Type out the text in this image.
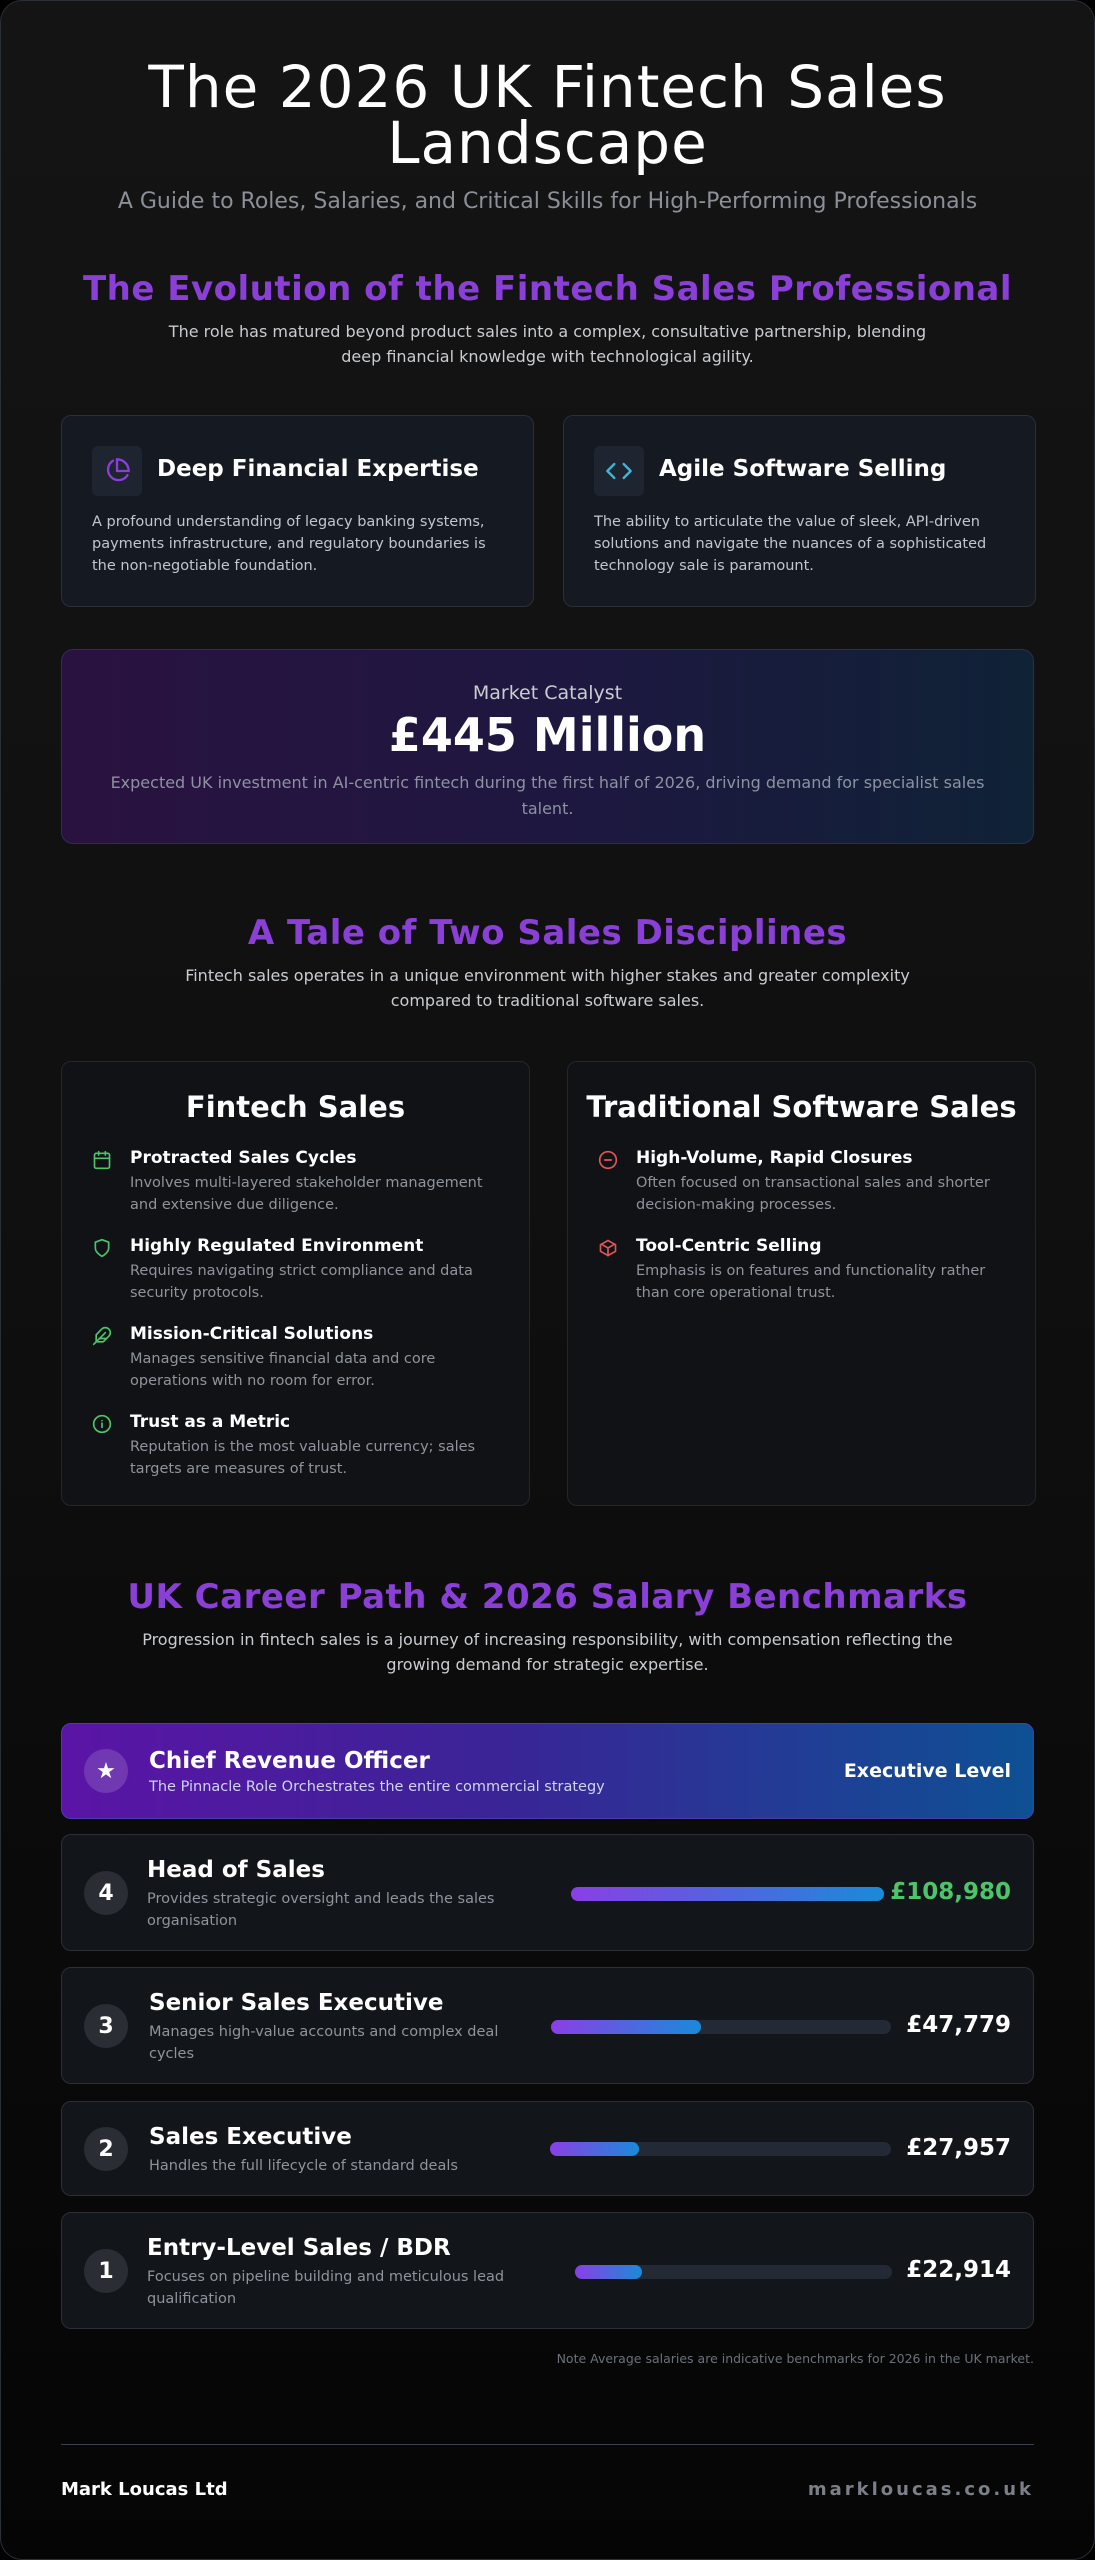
The 2026 UK Fintech Sales Landscape
A Guide to Roles, Salaries, and Critical Skills for High-Performing Professionals
The Evolution of the Fintech Sales Professional
The role has matured beyond product sales into a complex, consultative partnership, blending deep financial knowledge with technological agility.
Deep Financial Expertise

A profound understanding of legacy banking systems, payments infrastructure, and regulatory boundaries is the non-negotiable foundation.

Agile Software Selling

The ability to articulate the value of sleek, API-driven solutions and navigate the nuances of a sophisticated technology sale is paramount.

Market Catalyst
£445 Million
Expected UK investment in AI-centric fintech during the first half of 2026, driving demand for specialist sales talent.
A Tale of Two Sales Disciplines
Fintech sales operates in a unique environment with higher stakes and greater complexity compared to traditional software sales.
Fintech Sales
Protracted Sales Cycles
Involves multi-layered stakeholder management and extensive due diligence.
Highly Regulated Environment
Requires navigating strict compliance and data security protocols.
Mission-Critical Solutions
Manages sensitive financial data and core operations with no room for error.
Trust as a Metric
Reputation is the most valuable currency; sales targets are measures of trust.
Traditional Software Sales
High-Volume, Rapid Closures
Often focused on transactional sales and shorter decision-making processes.
Tool-Centric Selling
Emphasis is on features and functionality rather than core operational trust.
UK Career Path & 2026 Salary Benchmarks
Progression in fintech sales is a journey of increasing responsibility, with compensation reflecting the growing demand for strategic expertise.
★	Chief Revenue Officer
The Pinnacle Role Orchestrates the entire commercial strategy
Executive Level
4
Head of Sales
Provides strategic oversight and leads the sales organisation
£108,980
3
Senior Sales Executive
Manages high-value accounts and complex deal cycles
£47,779
2	Sales Executive
Handles the full lifecycle of standard deals
£27,957
1
Entry-Level Sales / BDR
Focuses on pipeline building and meticulous lead qualification
£22,914
Note Average salaries are indicative benchmarks for 2026 in the UK market.
Mark Loucas Ltd	markloucas.co.uk
